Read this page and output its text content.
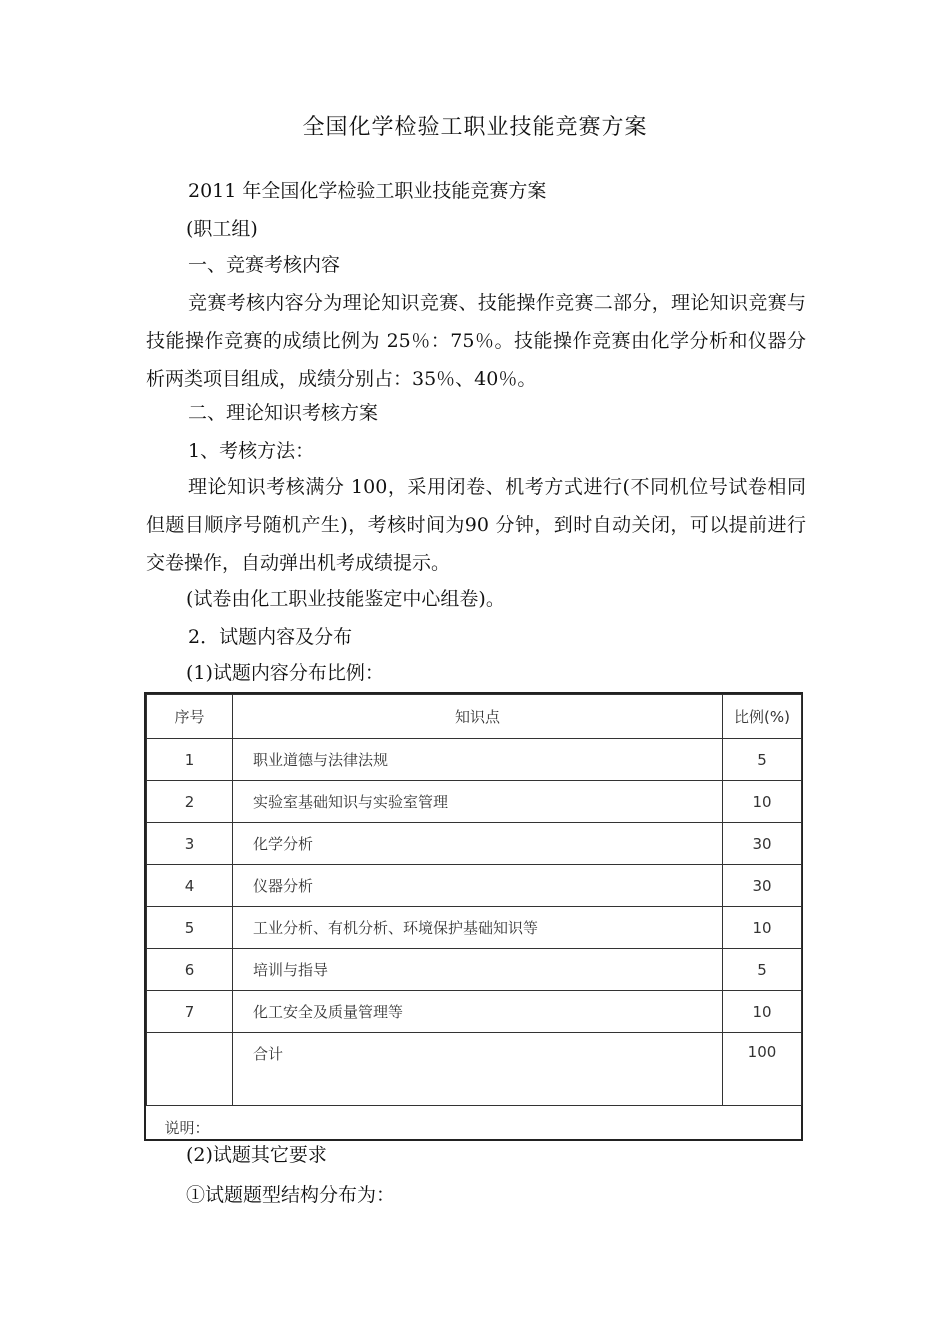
全国化学检验工职业技能竞赛方案
2011 年全国化学检验工职业技能竞赛方案
(职工组)
一、竞赛考核内容
竞赛考核内容分为理论知识竞赛、技能操作竞赛二部分，理论知识竞赛与技能操作竞赛的成绩比例为 25％：75％。技能操作竞赛由化学分析和仪器分析两类项目组成，成绩分别占：35％、40％。
二、理论知识考核方案
1、考核方法：
理论知识考核满分 100，采用闭卷、机考方式进行(不同机位号试卷相同但题目顺序号随机产生)，考核时间为90 分钟，到时自动关闭，可以提前进行交卷操作，自动弹出机考成绩提示。
(试卷由化工职业技能鉴定中心组卷)。
2．试题内容及分布
(1)试题内容分布比例：
序号	知识点	比例(%)
1	职业道德与法律法规	5
2	实验室基础知识与实验室管理	10
3	化学分析	30
4	仪器分析	30
5	工业分析、有机分析、环境保护基础知识等	10
6	培训与指导	5
7	化工安全及质量管理等	10
	合计	100
说明：		
(2)试题其它要求
①试题题型结构分布为：
